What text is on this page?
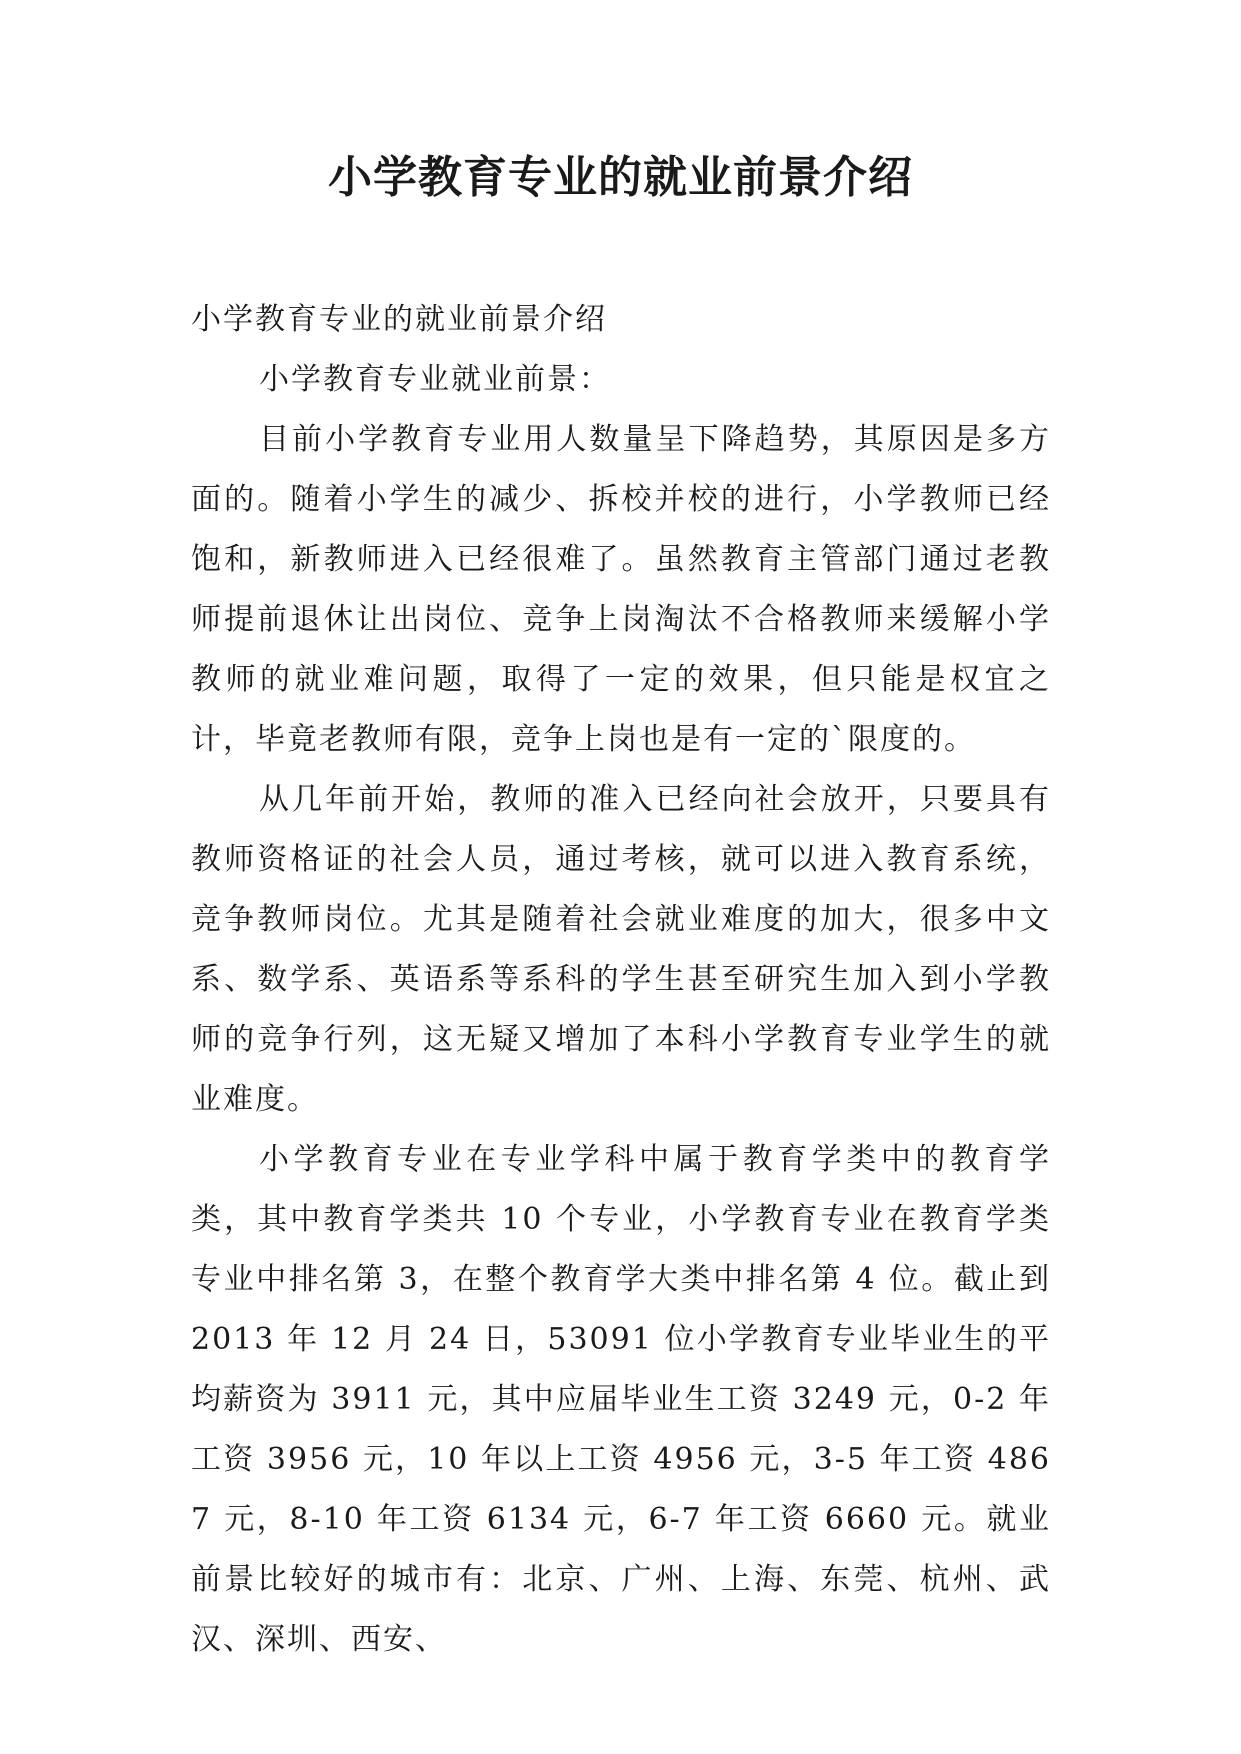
小学教育专业的就业前景介绍

小学教育专业的就业前景介绍

小学教育专业就业前景：

目前小学教育专业用人数量呈下降趋势，其原因是多方面的。随着小学生的减少、拆校并校的进行，小学教师已经饱和，新教师进入已经很难了。虽然教育主管部门通过老教师提前退休让出岗位、竞争上岗淘汰不合格教师来缓解小学教师的就业难问题，取得了一定的效果，但只能是权宜之计，毕竟老教师有限，竞争上岗也是有一定的`限度的。

从几年前开始，教师的准入已经向社会放开，只要具有教师资格证的社会人员，通过考核，就可以进入教育系统，竞争教师岗位。尤其是随着社会就业难度的加大，很多中文系、数学系、英语系等系科的学生甚至研究生加入到小学教师的竞争行列，这无疑又增加了本科小学教育专业学生的就业难度。

小学教育专业在专业学科中属于教育学类中的教育学类，其中教育学类共 10 个专业，小学教育专业在教育学类专业中排名第 3，在整个教育学大类中排名第 4 位。截止到 2013 年 12 月 24 日，53091 位小学教育专业毕业生的平均薪资为 3911 元，其中应届毕业生工资 3249 元，0-2 年工资 3956 元，10 年以上工资 4956 元，3-5 年工资 4867 元，8-10 年工资 6134 元，6-7 年工资 6660 元。就业前景比较好的城市有：北京、广州、上海、东莞、杭州、武汉、深圳、西安、
